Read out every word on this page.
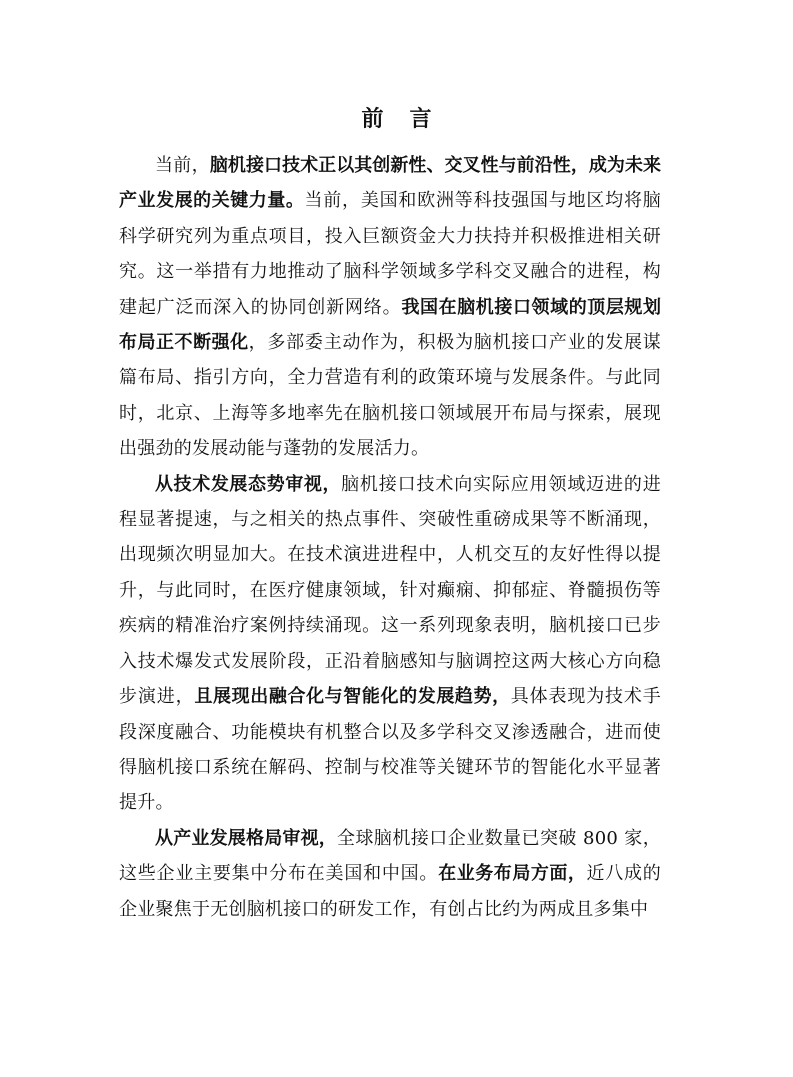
前言

当前，脑机接口技术正以其创新性、交叉性与前沿性，成为未来产业发展的关键力量。当前，美国和欧洲等科技强国与地区均将脑科学研究列为重点项目，投入巨额资金大力扶持并积极推进相关研究。这一举措有力地推动了脑科学领域多学科交叉融合的进程，构建起广泛而深入的协同创新网络。我国在脑机接口领域的顶层规划布局正不断强化，多部委主动作为，积极为脑机接口产业的发展谋篇布局、指引方向，全力营造有利的政策环境与发展条件。与此同时，北京、上海等多地率先在脑机接口领域展开布局与探索，展现出强劲的发展动能与蓬勃的发展活力。

从技术发展态势审视，脑机接口技术向实际应用领域迈进的进程显著提速，与之相关的热点事件、突破性重磅成果等不断涌现，出现频次明显加大。在技术演进进程中，人机交互的友好性得以提升，与此同时，在医疗健康领域，针对癫痫、抑郁症、脊髓损伤等疾病的精准治疗案例持续涌现。这一系列现象表明，脑机接口已步入技术爆发式发展阶段，正沿着脑感知与脑调控这两大核心方向稳步演进，且展现出融合化与智能化的发展趋势，具体表现为技术手段深度融合、功能模块有机整合以及多学科交叉渗透融合，进而使得脑机接口系统在解码、控制与校准等关键环节的智能化水平显著提升。

从产业发展格局审视，全球脑机接口企业数量已突破 800 家，这些企业主要集中分布在美国和中国。在业务布局方面，近八成的企业聚焦于无创脑机接口的研发工作，有创占比约为两成且多集中
